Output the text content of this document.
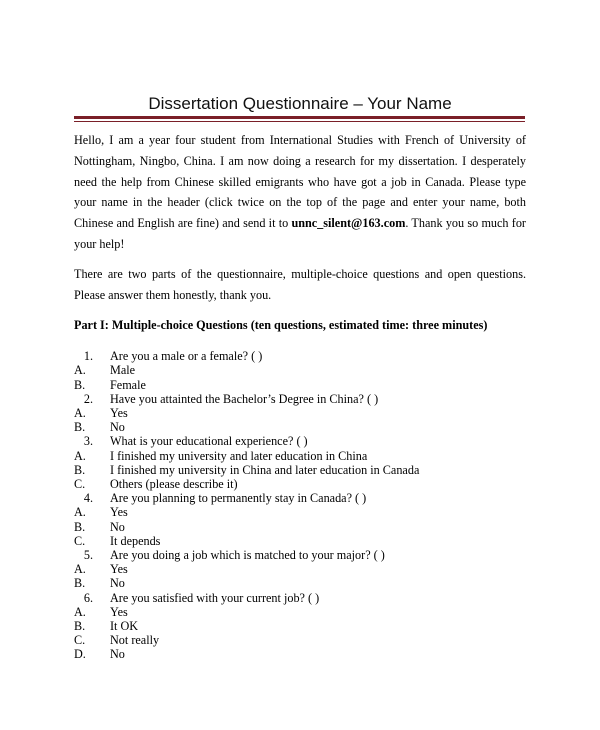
Dissertation Questionnaire – Your Name

Hello, I am a year four student from International Studies with French of University of Nottingham, Ningbo, China. I am now doing a research for my dissertation. I desperately need the help from Chinese skilled emigrants who have got a job in Canada. Please type your name in the header (click twice on the top of the page and enter your name, both Chinese and English are fine) and send it to unnc_silent@163.com. Thank you so much for your help!

There are two parts of the questionnaire, multiple-choice questions and open questions. Please answer them honestly, thank you.

Part I: Multiple-choice Questions (ten questions, estimated time: three minutes)
1. Are you a male or a female? ( )
A.	Male
B.	Female
2. Have you attainted the Bachelor’s Degree in China? ( )
A.	Yes
B.	No
3. What is your educational experience? ( )
A.	I finished my university and later education in China
B.	I finished my university in China and later education in Canada
C.	Others (please describe it)
4. Are you planning to permanently stay in Canada? ( )
A.	Yes
B.	No
C.	It depends
5. Are you doing a job which is matched to your major? ( )
A.	Yes
B.	No
6. Are you satisfied with your current job? ( )
A.	Yes
B.	It OK
C.	Not really
D.	No
